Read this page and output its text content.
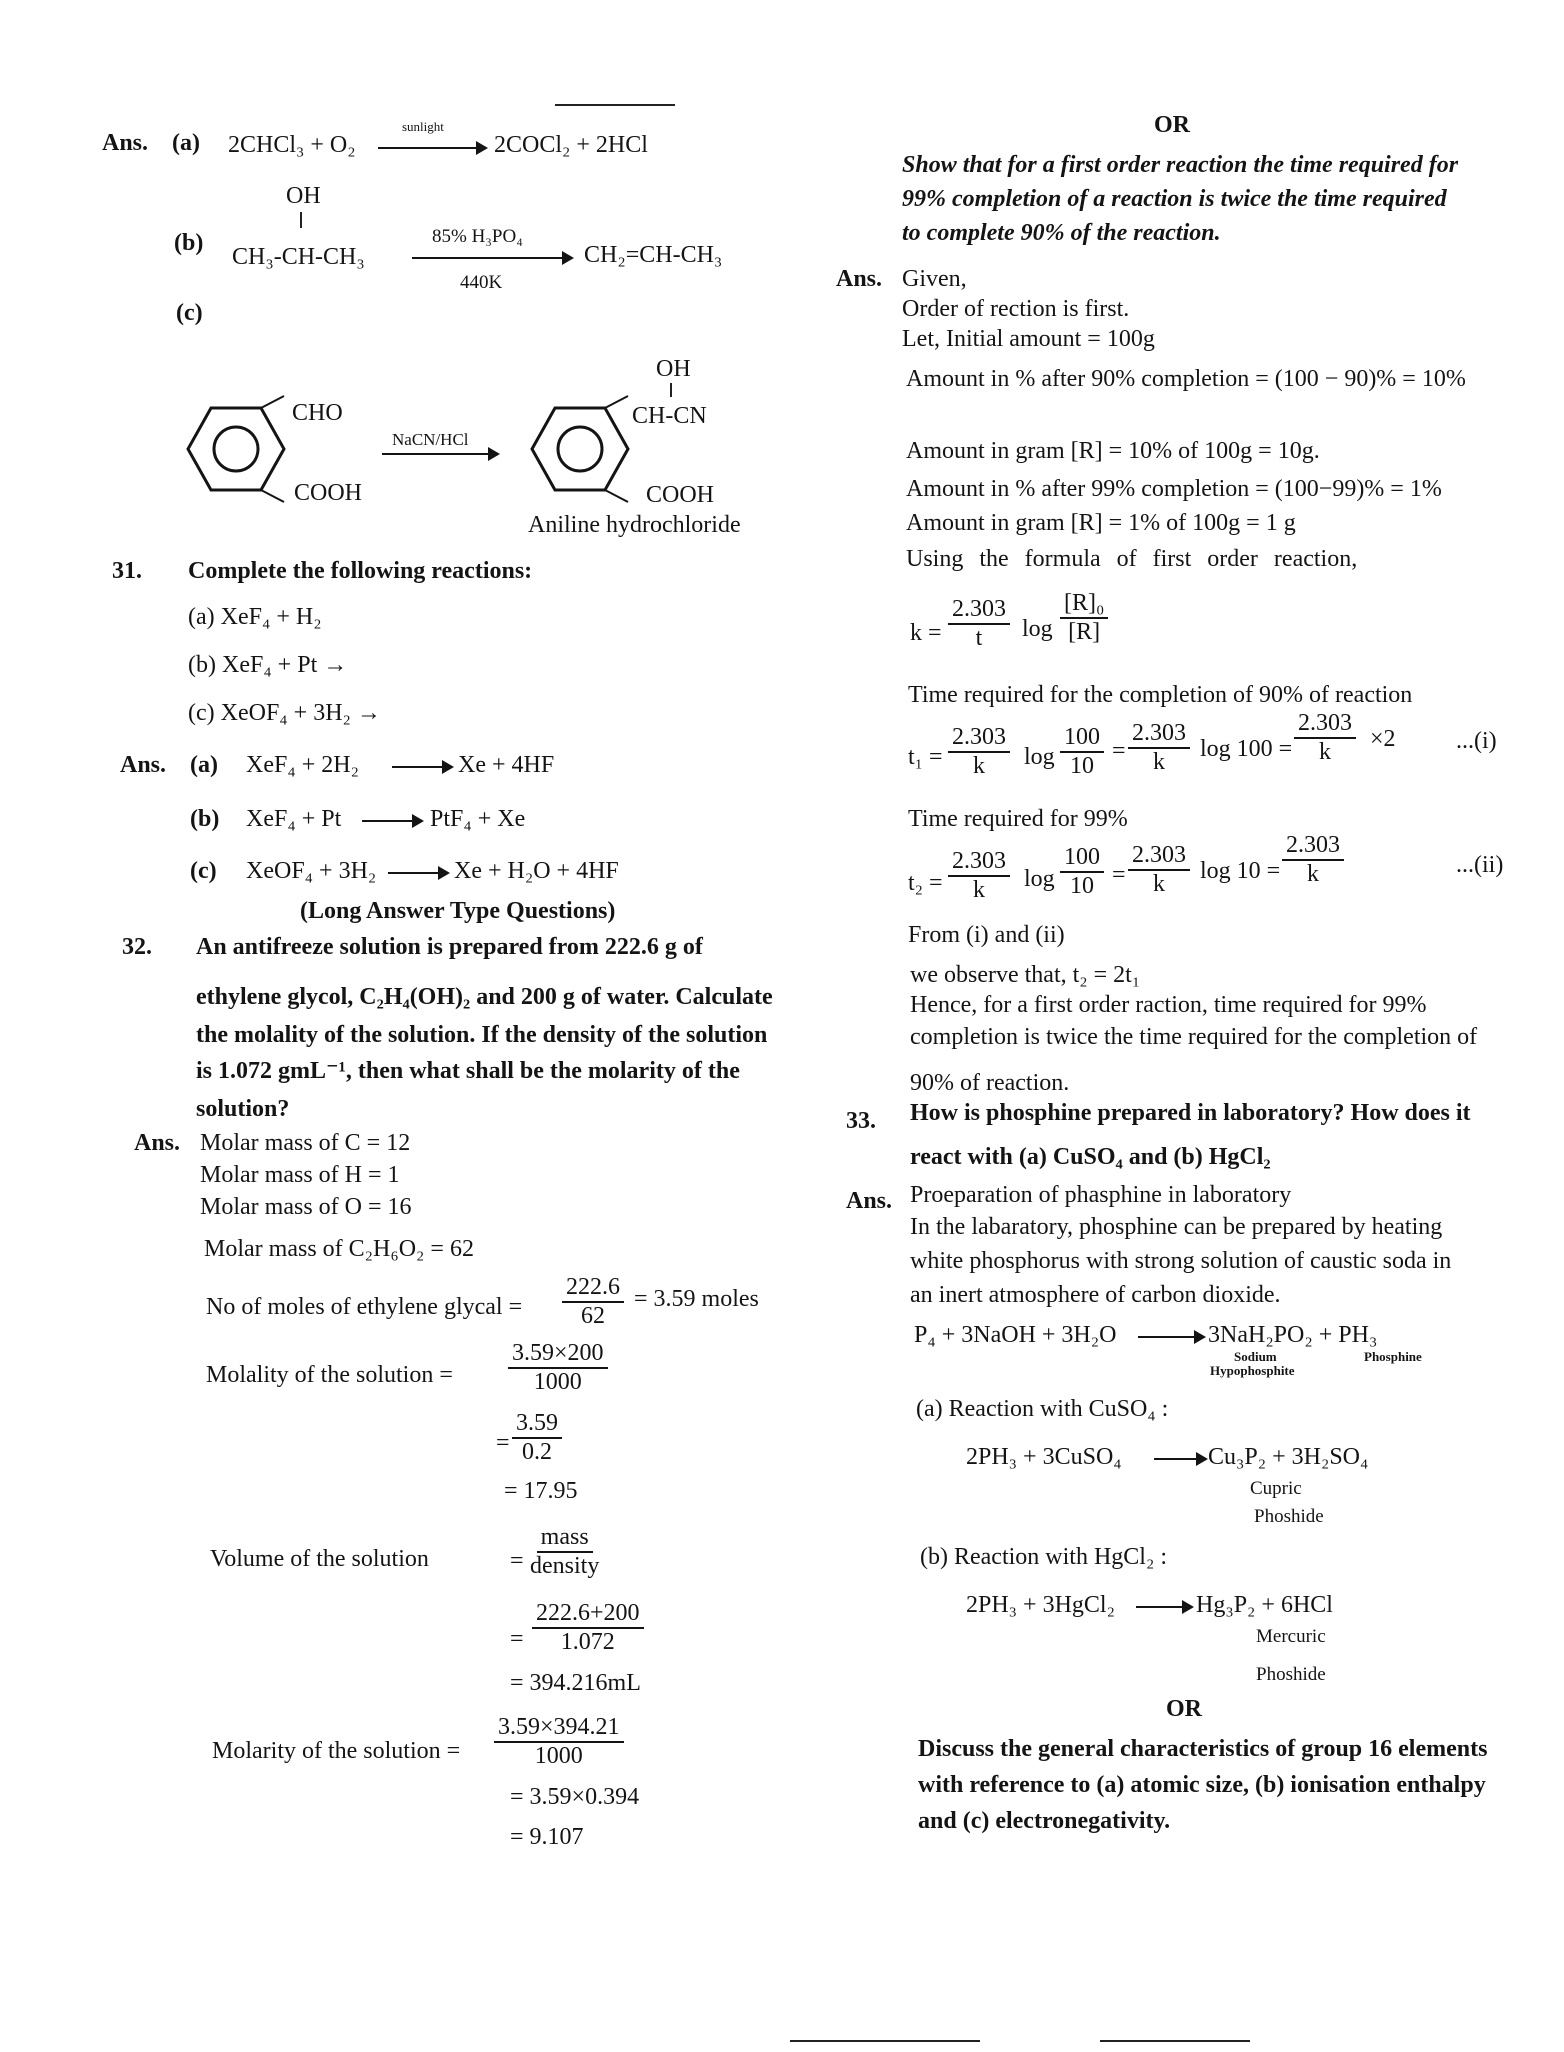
Ans. (a) 2CHCl₃ + O₂
sunlight
2COCl₂ + 2HCl
OH
(b)
CH₃-CH-CH₃
85% H₃PO₄
440K
CH₂=CH-CH₃
(c)
CHO
COOH
NaCN/HCl
OH
CH-CN
COOH
Aniline hydrochloride
31. Complete the following reactions:
(a) XeF₄ + H₂
(b) XeF₄ + Pt →
(c) XeOF₄ + 3H₂ →
Ans. (a) XeF₄ + 2H₂	Xe + 4HF
(b) XeF₄ + Pt	PtF₄ + Xe
(c) XeOF₄ + 3H₂	Xe + H₂O + 4HF
(Long Answer Type Questions)
32. An antifreeze solution is prepared from 222.6 g of
ethylene glycol, C₂H₄(OH)₂ and 200 g of water. Calculate
the molality of the solution. If the density of the solution
is 1.072 gmL⁻¹, then what shall be the molarity of the
solution?
Ans. Molar mass of C = 12
Molar mass of H = 1
Molar mass of O = 16
Molar mass of C₂H₆O₂ = 62
No of moles of ethylene glycal = $\frac{222.6}{62} = 3.59$ moles
Molality of the solution = $\frac{3.59\times 200}{1000}$
= $\frac{3.59}{0.2}$
= 17.95
Volume of the solution	=
mass
density
= $\frac{222.6+200}{1.072}$
= 394.216mL
Molarity of the solution = $\frac{3.59\times 394.21}{1000}$
= 3.59×0.394
= 9.107
OR
Show that for a first order reaction the time required for
99% completion of a reaction is twice the time required
to complete 90% of the reaction.
Ans. Given,
Order of rection is first.
Let, Initial amount = 100g
Amount in % after 90% completion = (100 − 90)% = 10%
Amount in gram [R] = 10% of 100g = 10g.
Amount in % after 99% completion = (100−99)% = 1%
Amount in gram [R] = 1% of 100g = 1 g
Using the formula of first order reaction,
$k = \frac{2.303}{t}$ $\log \frac{\text{[R]₀}}{[R]}$
Time required for the completion of 90% of reaction
$t_1 = \frac{2.303}{k}$ $\log \frac{100}{10} = \frac{2.303}{k}$ $\log 100 = \frac{2.303}{k} \times 2$	...(i)
Time required for 99%
$t_2 = \frac{2.303}{k}$ $\log \frac{100}{10} = \frac{2.303}{k}$ $\log 10 = \frac{2.303}{k}$	...(ii)
From (i) and (ii)
we observe that, t₂ = 2t₁
Hence, for a first order raction, time required for 99%
completion is twice the time required for the completion of
90% of reaction.
33. How is phosphine prepared in laboratory? How does it
react with (a) CuSO₄ and (b) HgCl₂
Ans. Proeparation of phasphine in laboratory
In the labaratory, phosphine can be prepared by heating
white phosphorus with strong solution of caustic soda in
an inert atmosphere of carbon dioxide.
P₄ + 3NaOH + 3H₂O	3NaH₂PO₂ + PH₃
Sodium
Hypophosphite
Phosphine
(a) Reaction with CuSO₄ :
2PH₃ + 3CuSO₄	Cu₃P₂ + 3H₂SO₄
Cupric
Phoshide
(b) Reaction with HgCl₂ :
2PH₃ + 3HgCl₂	Hg₃P₂ + 6HCl
Mercuric
Phoshide
OR
Discuss the general characteristics of group 16 elements
with reference to (a) atomic size, (b) ionisation enthalpy
and (c) electronegativity.
